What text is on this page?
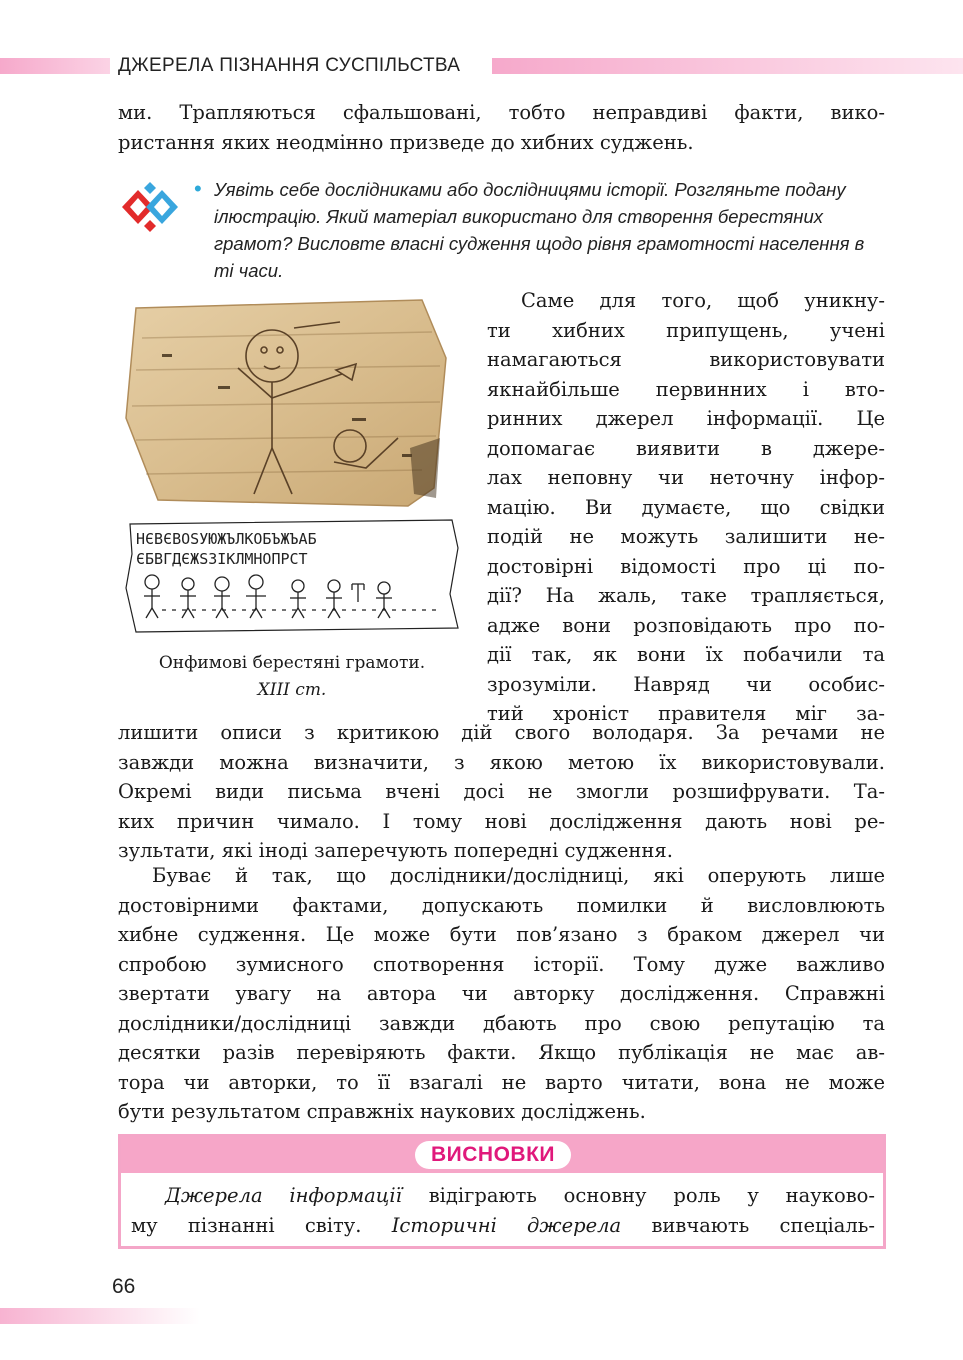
ДЖЕРЕЛА ПІЗНАННЯ СУСПІЛЬСТВА
ми. Трапляються сфальшовані, тобто неправдиві факти, вико-
ристання яких неодмінно призведе до хибних суджень.
• Уявіть себе дослідниками або дослідницями історії. Розгляньте подану ілюстрацію. Який матеріал використано для створення берестяних грамот? Висловте власні судження щодо рівня грамотності населення в ті часи.
НЄВЄВОЅУЮЖЪЛКОБЪЖЪАБ
ЄБВГДЄЖЅЗІКЛМНОПРСТ
Онфимові берестяні грамоти.
XIII ст.
Саме для того, щоб уникну-
ти хибних припущень, учені
намагаються використовувати
якнайбільше первинних і вто-
ринних джерел інформації. Це
допомагає виявити в джере-
лах неповну чи неточну інфор-
мацію. Ви думаєте, що свідки
подій не можуть залишити не-
достовірні відомості про ці по-
дії? На жаль, таке трапляється,
адже вони розповідають про по-
дії так, як вони їх побачили та
зрозуміли. Навряд чи особис-
тий хроніст правителя міг за-
лишити описи з критикою дій свого володаря. За речами не
завжди можна визначити, з якою метою їх використовували.
Окремі види письма вчені досі не змогли розшифрувати. Та-
ких причин чимало. І тому нові дослідження дають нові ре-
зультати, які іноді заперечують попередні судження.
Буває й так, що дослідники/дослідниці, які оперують лише
достовірними фактами, допускають помилки й висловлюють
хибне судження. Це може бути пов’язано з браком джерел чи
спробою зумисного спотворення історії. Тому дуже важливо
звертати увагу на автора чи авторку дослідження. Справжні
дослідники/дослідниці завжди дбають про свою репутацію та
десятки разів перевіряють факти. Якщо публікація не має ав-
тора чи авторки, то її взагалі не варто читати, вона не може
бути результатом справжніх наукових досліджень.
ВИСНОВКИ
Джерела інформації відіграють основну роль у науково-
му пізнанні світу. Історичні джерела вивчають спеціаль-
66
